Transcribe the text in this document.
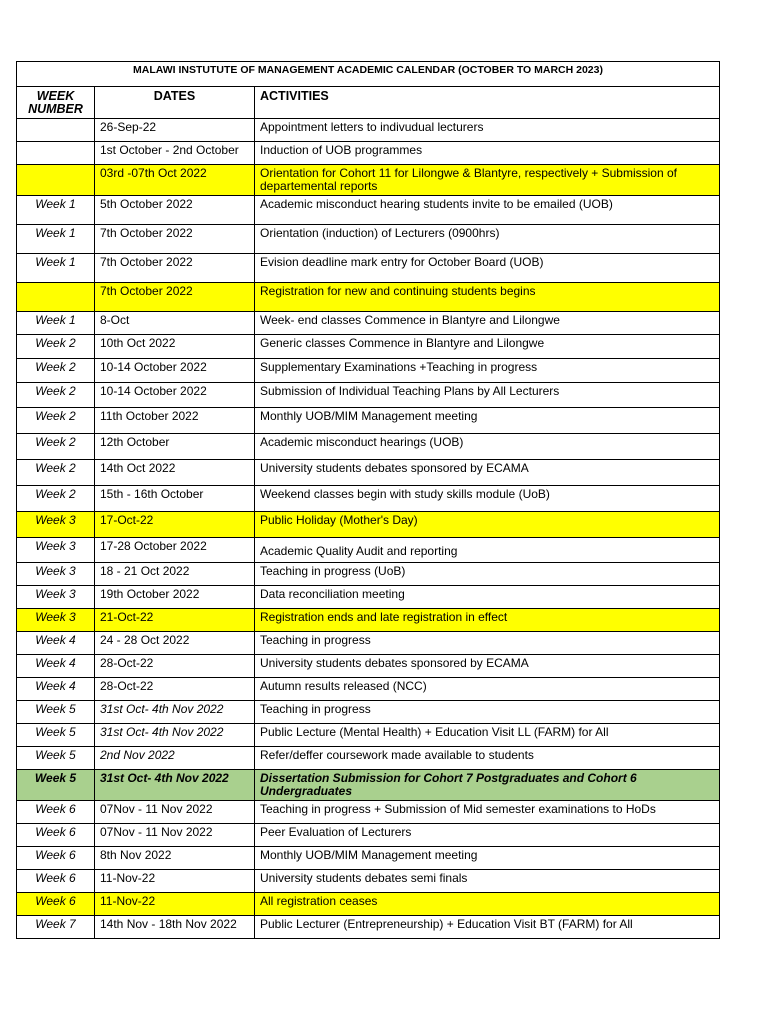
MALAWI INSTUTUTE OF MANAGEMENT ACADEMIC CALENDAR (OCTOBER TO MARCH 2023)		

WEEK
NUMBER	DATES	ACTIVITIES
	26-Sep-22	Appointment letters to indivudual lecturers
	1st October - 2nd October	Induction of UOB programmes
	03rd -07th Oct 2022	Orientation for Cohort 11 for Lilongwe & Blantyre, respectively + Submission of departemental reports
Week 1	5th October 2022	Academic misconduct hearing students invite to be emailed (UOB)
Week 1	7th October 2022	Orientation (induction) of Lecturers (0900hrs)
Week 1	7th October 2022	Evision deadline mark entry for October Board (UOB)
	7th October 2022	Registration for new and continuing students begins
Week 1	8-Oct	Week- end classes Commence in Blantyre and Lilongwe
Week 2	10th Oct 2022	Generic classes Commence in Blantyre and Lilongwe
Week 2	10-14 October 2022	Supplementary Examinations +Teaching in progress
Week 2	10-14 October 2022	Submission of Individual Teaching Plans by All Lecturers
Week 2	11th October 2022	Monthly UOB/MIM Management meeting
Week 2	12th October	Academic misconduct hearings (UOB)
Week 2	14th Oct 2022	University students debates sponsored by ECAMA
Week 2	15th - 16th October	Weekend classes begin with study skills module (UoB)
Week 3	17-Oct-22	Public Holiday (Mother's Day)
Week 3	17-28 October 2022	Academic Quality Audit and reporting
Week 3	18 - 21 Oct 2022	Teaching in progress (UoB)
Week 3	19th October 2022	Data reconciliation meeting
Week 3	21-Oct-22	Registration ends and late registration in effect
Week 4	24 - 28 Oct 2022	Teaching in progress
Week 4	28-Oct-22	University students debates sponsored by ECAMA
Week 4	28-Oct-22	Autumn results released (NCC)
Week 5	31st Oct- 4th Nov 2022	Teaching in progress
Week 5	31st Oct- 4th Nov 2022	Public Lecture (Mental Health) + Education Visit LL (FARM) for All
Week 5	2nd Nov 2022	Refer/deffer coursework made available to students
Week 5	31st Oct- 4th Nov 2022	Dissertation Submission for Cohort 7 Postgraduates and Cohort 6 Undergraduates
Week 6	07Nov - 11 Nov 2022	Teaching in progress + Submission of Mid semester examinations to HoDs
Week 6	07Nov - 11 Nov 2022	Peer Evaluation of Lecturers
Week 6	8th Nov 2022	Monthly UOB/MIM Management meeting
Week 6	11-Nov-22	University students debates semi finals
Week 6	11-Nov-22	All registration ceases
Week 7	14th Nov - 18th Nov 2022	Public Lecturer (Entrepreneurship) + Education Visit BT (FARM) for All
